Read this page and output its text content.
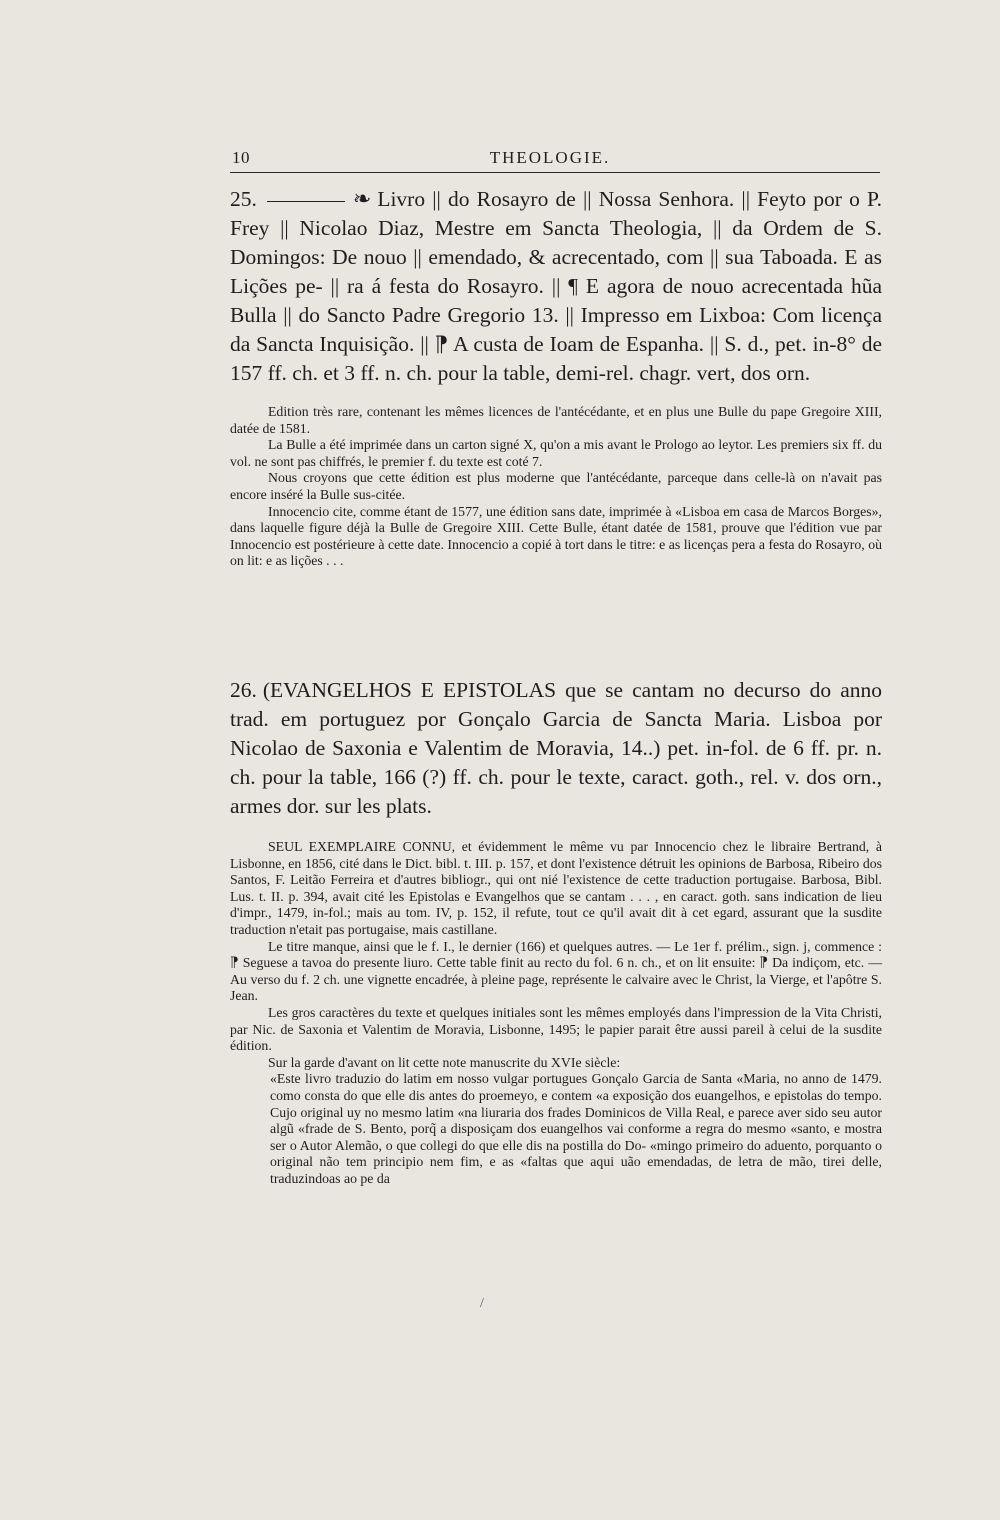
10	THEOLOGIE.

25.	❧ Livro || do Rosayro de || Nossa Senhora. || Feyto por o P. Frey || Nicolao Diaz, Mestre em Sancta Theologia, || da Ordem de S. Domingos: De nouo || emendado, & acrecentado, com || sua Taboada. E as Lições pe- || ra á festa do Rosayro. || ¶ E agora de nouo acrecentada hũa Bulla || do Sancto Padre Gregorio 13. || Impresso em Lixboa: Com licença da Sancta Inquisição. || ⁋ A custa de Ioam de Espanha. || S. d., pet. in-8° de 157 ff. ch. et 3 ff. n. ch. pour la table, demi-rel. chagr. vert, dos orn.

Edition très rare, contenant les mêmes licences de l'antécédante, et en plus une Bulle du pape Gregoire XIII, datée de 1581.

La Bulle a été imprimée dans un carton signé X, qu'on a mis avant le Prologo ao leytor. Les premiers six ff. du vol. ne sont pas chiffrés, le premier f. du texte est coté 7.

Nous croyons que cette édition est plus moderne que l'antécédante, parceque dans celle-là on n'avait pas encore inséré la Bulle sus-citée.

Innocencio cite, comme étant de 1577, une édition sans date, imprimée à «Lisboa em casa de Marcos Borges», dans laquelle figure déjà la Bulle de Gregoire XIII. Cette Bulle, étant datée de 1581, prouve que l'édition vue par Innocencio est postérieure à cette date. Innocencio a copié à tort dans le titre: e as licenças pera a festa do Rosayro, où on lit: e as lições . . .

26. (EVANGELHOS E EPISTOLAS que se cantam no decurso do anno trad. em portuguez por Gonçalo Garcia de Sancta Maria. Lisboa por Nicolao de Saxonia e Valentim de Moravia, 14..) pet. in-fol. de 6 ff. pr. n. ch. pour la table, 166 (?) ff. ch. pour le texte, caract. goth., rel. v. dos orn., armes dor. sur les plats.

SEUL EXEMPLAIRE CONNU, et évidemment le même vu par Innocencio chez le libraire Bertrand, à Lisbonne, en 1856, cité dans le Dict. bibl. t. III. p. 157, et dont l'existence détruit les opinions de Barbosa, Ribeiro dos Santos, F. Leitão Ferreira et d'autres bibliogr., qui ont nié l'existence de cette traduction portugaise. Barbosa, Bibl. Lus. t. II. p. 394, avait cité les Epistolas e Evangelhos que se cantam . . . , en caract. goth. sans indication de lieu d'impr., 1479, in-fol.; mais au tom. IV, p. 152, il refute, tout ce qu'il avait dit à cet egard, assurant que la susdite traduction n'etait pas portugaise, mais castillane.

Le titre manque, ainsi que le f. I., le dernier (166) et quelques autres. — Le 1er f. prélim., sign. j, commence : ⁋ Seguese a tavoa do presente liuro. Cette table finit au recto du fol. 6 n. ch., et on lit ensuite: ⁋ Da indiçom, etc. — Au verso du f. 2 ch. une vignette encadrée, à pleine page, représente le calvaire avec le Christ, la Vierge, et l'apôtre S. Jean.

Les gros caractères du texte et quelques initiales sont les mêmes employés dans l'impression de la Vita Christi, par Nic. de Saxonia et Valentim de Moravia, Lisbonne, 1495; le papier parait être aussi pareil à celui de la susdite édition.

Sur la garde d'avant on lit cette note manuscrite du XVIe siècle:

«Este livro traduzio do latim em nosso vulgar portugues Gonçalo Garcia de Santa «Maria, no anno de 1479. como consta do que elle dis antes do proemeyo, e contem «a exposição dos euangelhos, e epistolas do tempo. Cujo original uy no mesmo latim «na liuraria dos frades Dominicos de Villa Real, e parece aver sido seu autor algũ «frade de S. Bento, porq̃ a disposiçam dos euangelhos vai conforme a regra do mesmo «santo, e mostra ser o Autor Alemão, o que collegi do que elle dis na postilla do Do- «mingo primeiro do aduento, porquanto o original não tem principio nem fim, e as «faltas que aqui uão emendadas, de letra de mão, tirei delle, traduzindoas ao pe da

/
